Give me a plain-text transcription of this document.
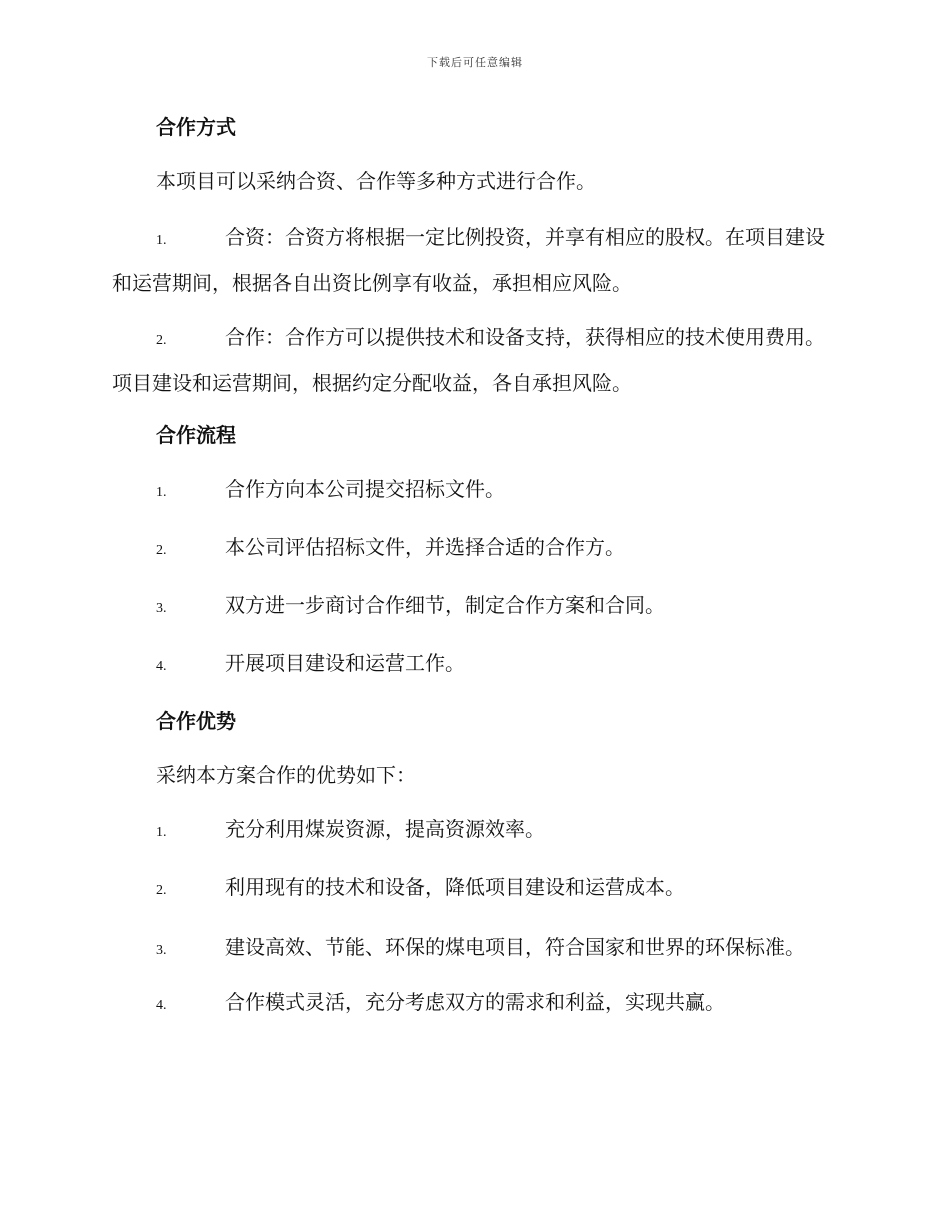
下载后可任意编辑
合作方式

本项目可以采纳合资、合作等多种方式进行合作。

1.	合资：合资方将根据一定比例投资，并享有相应的股权。在项目建设和运营期间，根据各自出资比例享有收益，承担相应风险。

2.	合作：合作方可以提供技术和设备支持，获得相应的技术使用费用。项目建设和运营期间，根据约定分配收益，各自承担风险。

合作流程

1.	合作方向本公司提交招标文件。

2.	本公司评估招标文件，并选择合适的合作方。

3.	双方进一步商讨合作细节，制定合作方案和合同。

4.	开展项目建设和运营工作。

合作优势

采纳本方案合作的优势如下：

1.	充分利用煤炭资源，提高资源效率。

2.	利用现有的技术和设备，降低项目建设和运营成本。

3.	建设高效、节能、环保的煤电项目，符合国家和世界的环保标准。

4.	合作模式灵活，充分考虑双方的需求和利益，实现共赢。
